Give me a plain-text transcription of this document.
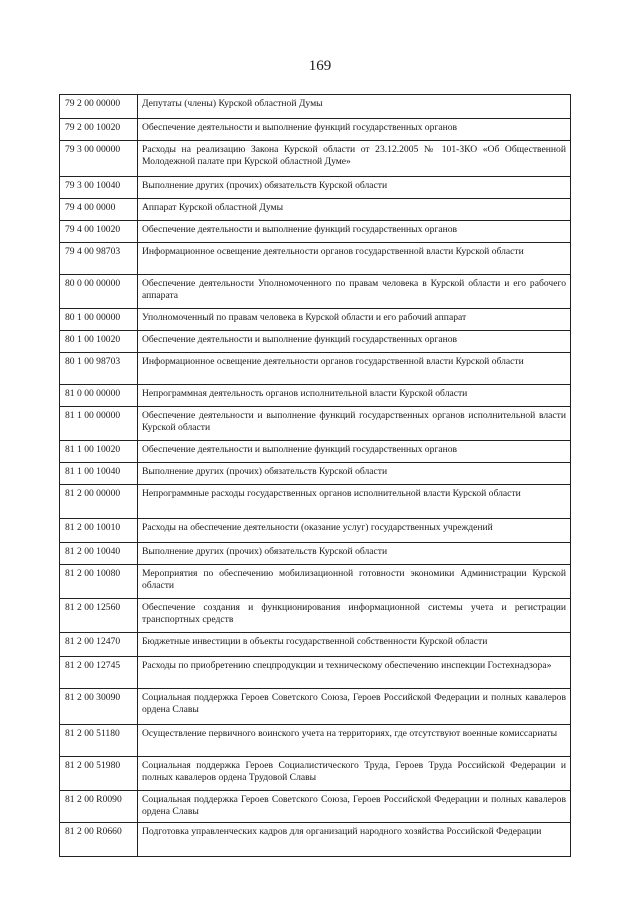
169
79 2 00 00000	Депутаты (члены) Курской областной Думы
79 2 00 10020	Обеспечение деятельности и выполнение функций государственных органов
79 3 00 00000	Расходы на реализацию Закона Курской области от 23.12.2005 № 101-ЗКО «Об Общественной Молодежной палате при Курской областной Думе»
79 3 00 10040	Выполнение других (прочих) обязательств Курской области
79 4 00 0000	Аппарат Курской областной Думы
79 4 00 10020	Обеспечение деятельности и выполнение функций государственных органов
79 4 00 98703	Информационное освещение деятельности органов государственной власти Курской области
80 0 00 00000	Обеспечение деятельности Уполномоченного по правам человека в Курской области и его рабочего аппарата
80 1 00 00000	Уполномоченный по правам человека в Курской области и его рабочий аппарат
80 1 00 10020	Обеспечение деятельности и выполнение функций государственных органов
80 1 00 98703	Информационное освещение деятельности органов государственной власти Курской области
81 0 00 00000	Непрограммная деятельность органов исполнительной власти Курской области
81 1 00 00000	Обеспечение деятельности и выполнение функций государственных органов исполнительной власти Курской области
81 1 00 10020	Обеспечение деятельности и выполнение функций государственных органов
81 1 00 10040	Выполнение других (прочих) обязательств Курской области
81 2 00 00000	Непрограммные расходы государственных органов исполнительной власти Курской области
81 2 00 10010	Расходы на обеспечение деятельности (оказание услуг) государственных учреждений
81 2 00 10040	Выполнение других (прочих) обязательств Курской области
81 2 00 10080	Мероприятия по обеспечению мобилизационной готовности экономики Администрации Курской области
81 2 00 12560	Обеспечение создания и функционирования информационной системы учета и регистрации транспортных средств
81 2 00 12470	Бюджетные инвестиции в объекты государственной собственности Курской области
81 2 00 12745	Расходы по приобретению спецпродукции и техническому обеспечению инспекции Гостехнадзора»
81 2 00 30090	Социальная поддержка Героев Советского Союза, Героев Российской Федерации и полных кавалеров ордена Славы
81 2 00 51180	Осуществление первичного воинского учета на территориях, где отсутствуют военные комиссариаты
81 2 00 51980	Социальная поддержка Героев Социалистического Труда, Героев Труда Российской Федерации и полных кавалеров ордена Трудовой Славы
81 2 00 R0090	Социальная поддержка Героев Советского Союза, Героев Российской Федерации и полных кавалеров ордена Славы
81 2 00 R0660	Подготовка управленческих кадров для организаций народного хозяйства Российской Федерации
